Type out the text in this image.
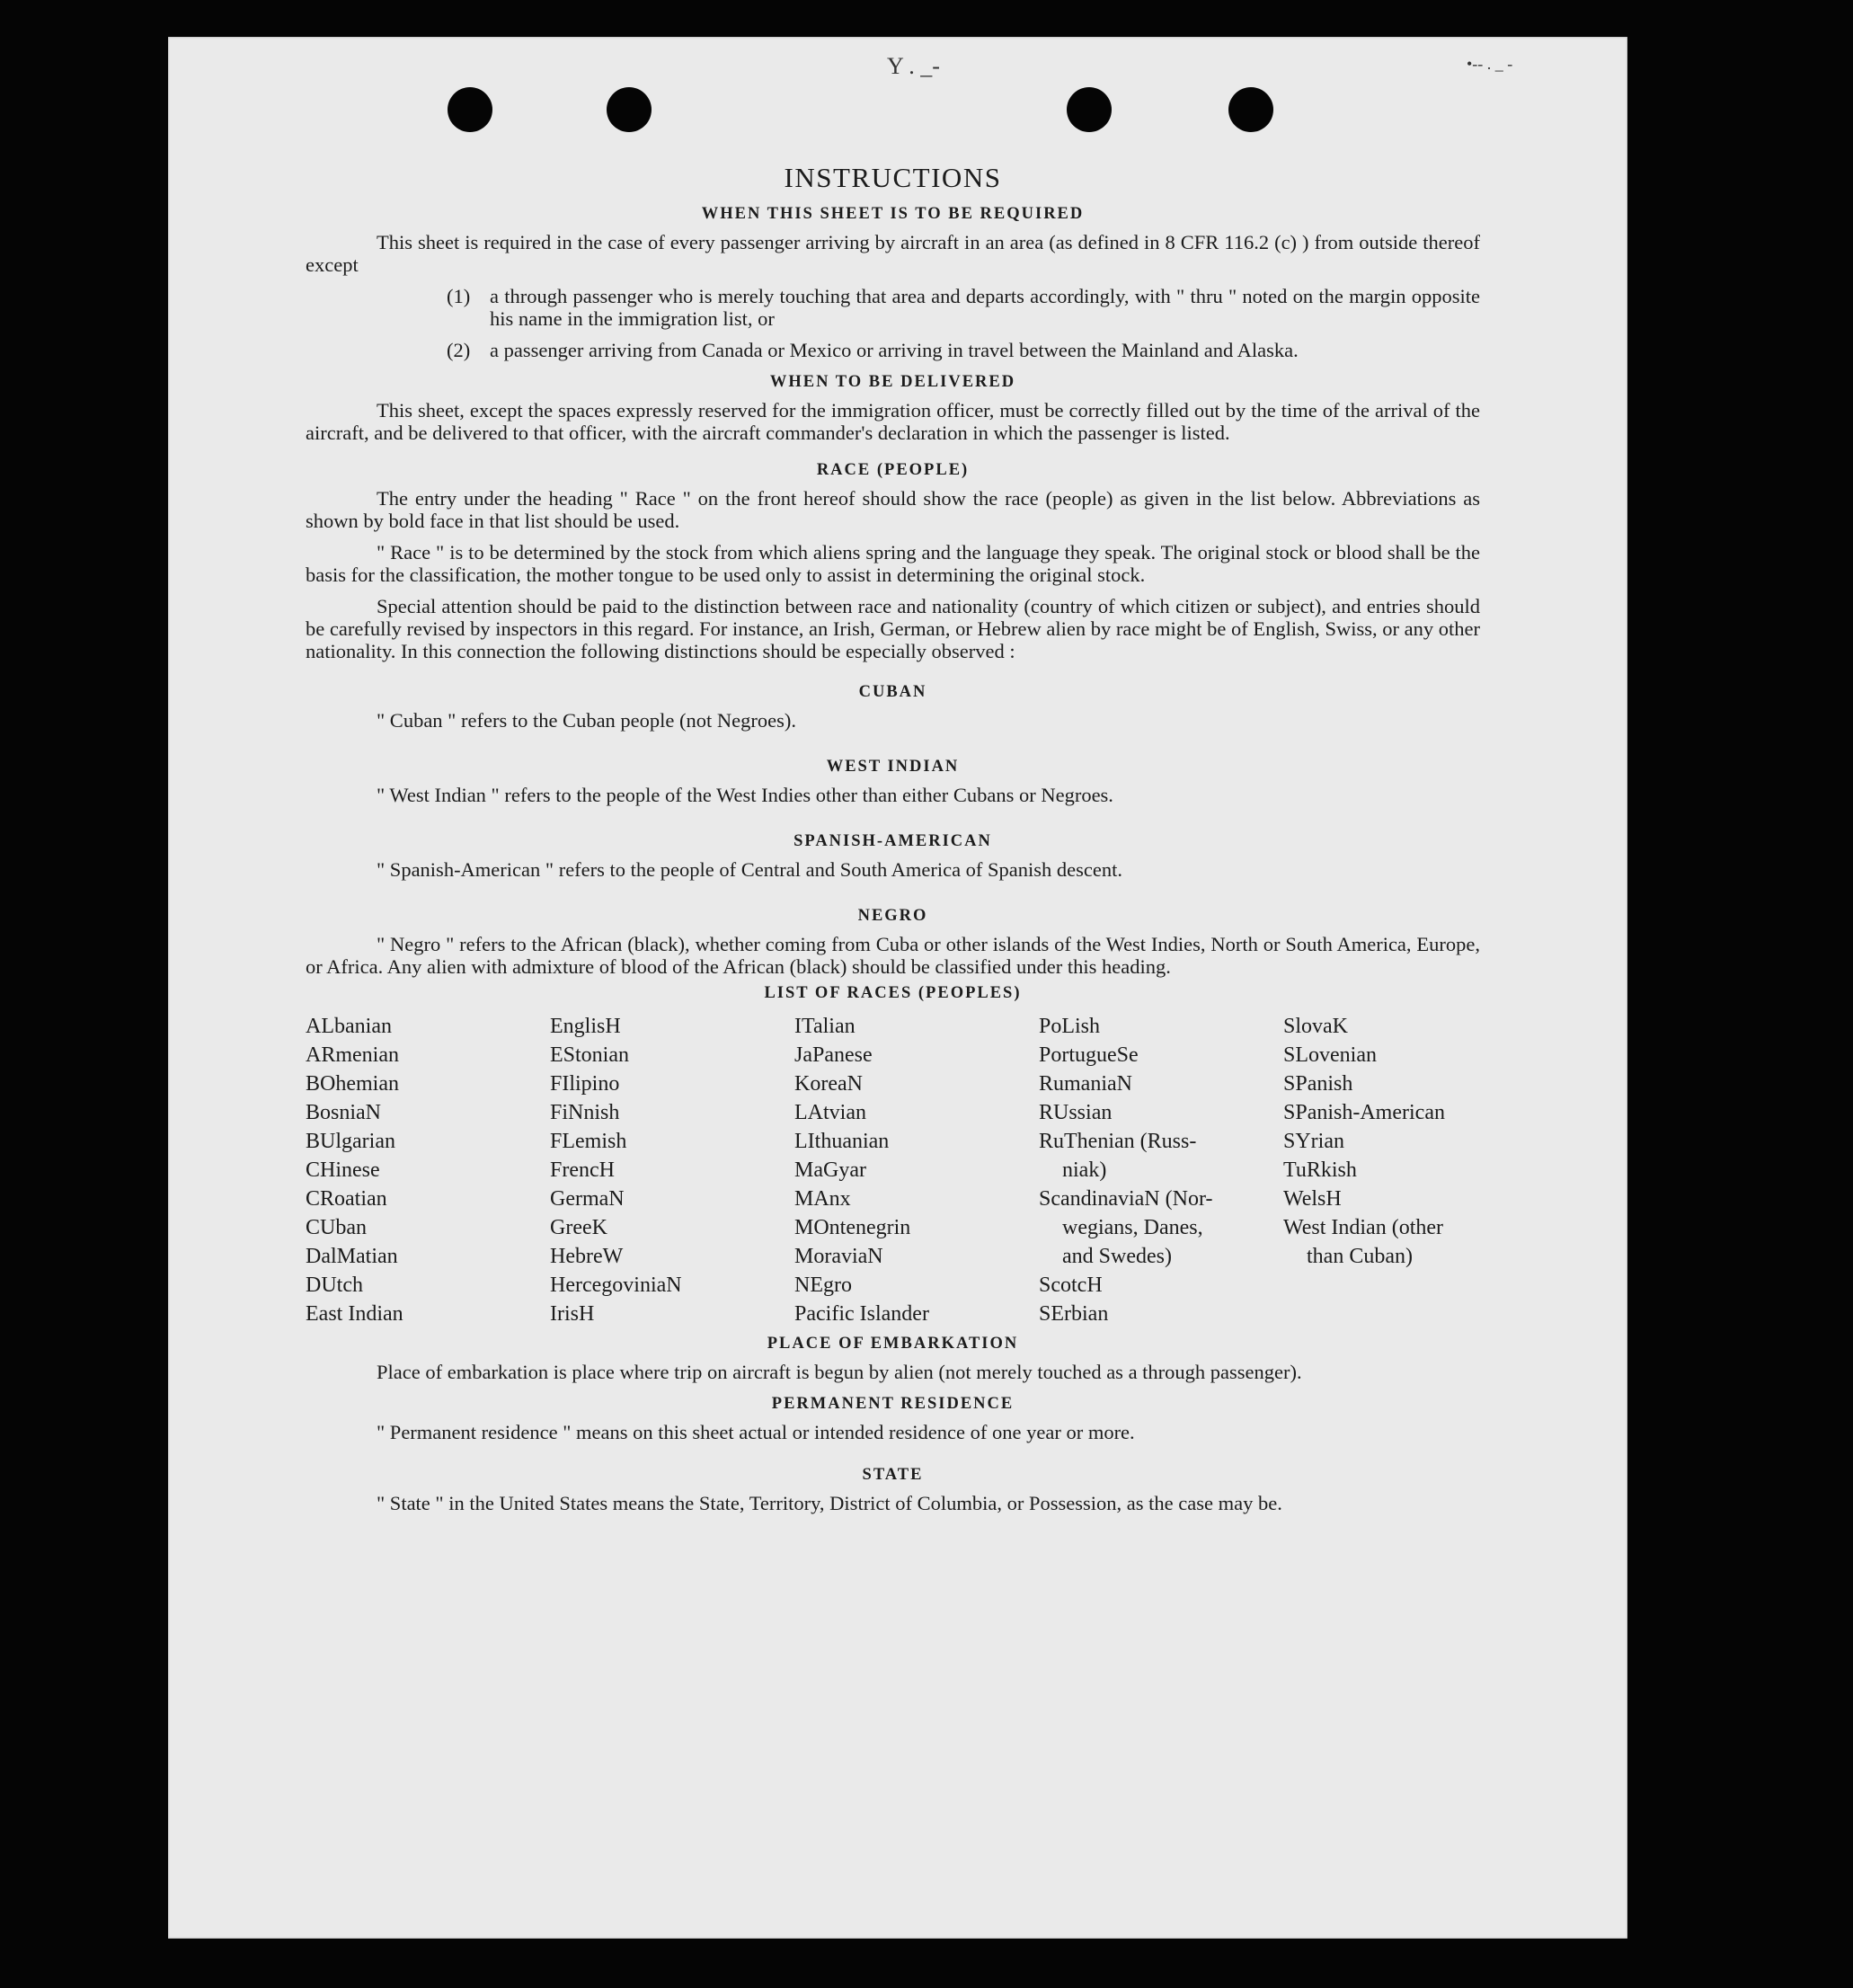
Y . _-	•-- . _ -
INSTRUCTIONS
WHEN THIS SHEET IS TO BE REQUIRED

This sheet is required in the case of every passenger arriving by aircraft in an area (as defined in 8 CFR 116.2 (c) ) from outside thereof except

(1) a through passenger who is merely touching that area and departs accordingly, with " thru " noted on the margin opposite his name in the immigration list, or
(2) a passenger arriving from Canada or Mexico or arriving in travel between the Mainland and Alaska.
WHEN TO BE DELIVERED

This sheet, except the spaces expressly reserved for the immigration officer, must be correctly filled out by the time of the arrival of the aircraft, and be delivered to that officer, with the aircraft commander's declaration in which the passenger is listed.

RACE (PEOPLE)

The entry under the heading " Race " on the front hereof should show the race (people) as given in the list below. Abbreviations as shown by bold face in that list should be used.

" Race " is to be determined by the stock from which aliens spring and the language they speak. The original stock or blood shall be the basis for the classification, the mother tongue to be used only to assist in determining the original stock.

Special attention should be paid to the distinction between race and nationality (country of which citizen or subject), and entries should be carefully revised by inspectors in this regard. For instance, an Irish, German, or Hebrew alien by race might be of English, Swiss, or any other nationality. In this connection the following distinctions should be especially observed :

CUBAN
" Cuban " refers to the Cuban people (not Negroes).
WEST INDIAN
" West Indian " refers to the people of the West Indies other than either Cubans or Negroes.
SPANISH-AMERICAN
" Spanish-American " refers to the people of Central and South America of Spanish descent.
NEGRO

" Negro " refers to the African (black), whether coming from Cuba or other islands of the West Indies, North or South America, Europe, or Africa. Any alien with admixture of blood of the African (black) should be classified under this heading.

LIST OF RACES (PEOPLES)
ALbanian
ARmenian
BOhemian
BosniaN
BUlgarian
CHinese
CRoatian
CUban
DalMatian
DUtch
East Indian
EnglisH
EStonian
FIlipino
FiNnish
FLemish
FrencH
GermaN
GreeK
HebreW
HercegovinіaN
IrisH
ITalian
JaPanese
KoreaN
LAtvian
LIthuanian
MaGyar
MAnx
MOntenegrin
MoraviaN
NEgro
Pacific Islander
PoLish
PortugueSe
RumaniaN
RUssian
RuThenian (Russ-
niak)
ScandinaviaN (Nor-
wegians, Danes,
and Swedes)
ScotcH
SErbian
SlovaK
SLovenian
SPanish
SPanish-American
SYrian
TuRkish
WelsH
West Indian (other
than Cuban)
PLACE OF EMBARKATION

Place of embarkation is place where trip on aircraft is begun by alien (not merely touched as a through passenger).

PERMANENT RESIDENCE
" Permanent residence " means on this sheet actual or intended residence of one year or more.
STATE

" State " in the United States means the State, Territory, District of Columbia, or Possession, as the case may be.
